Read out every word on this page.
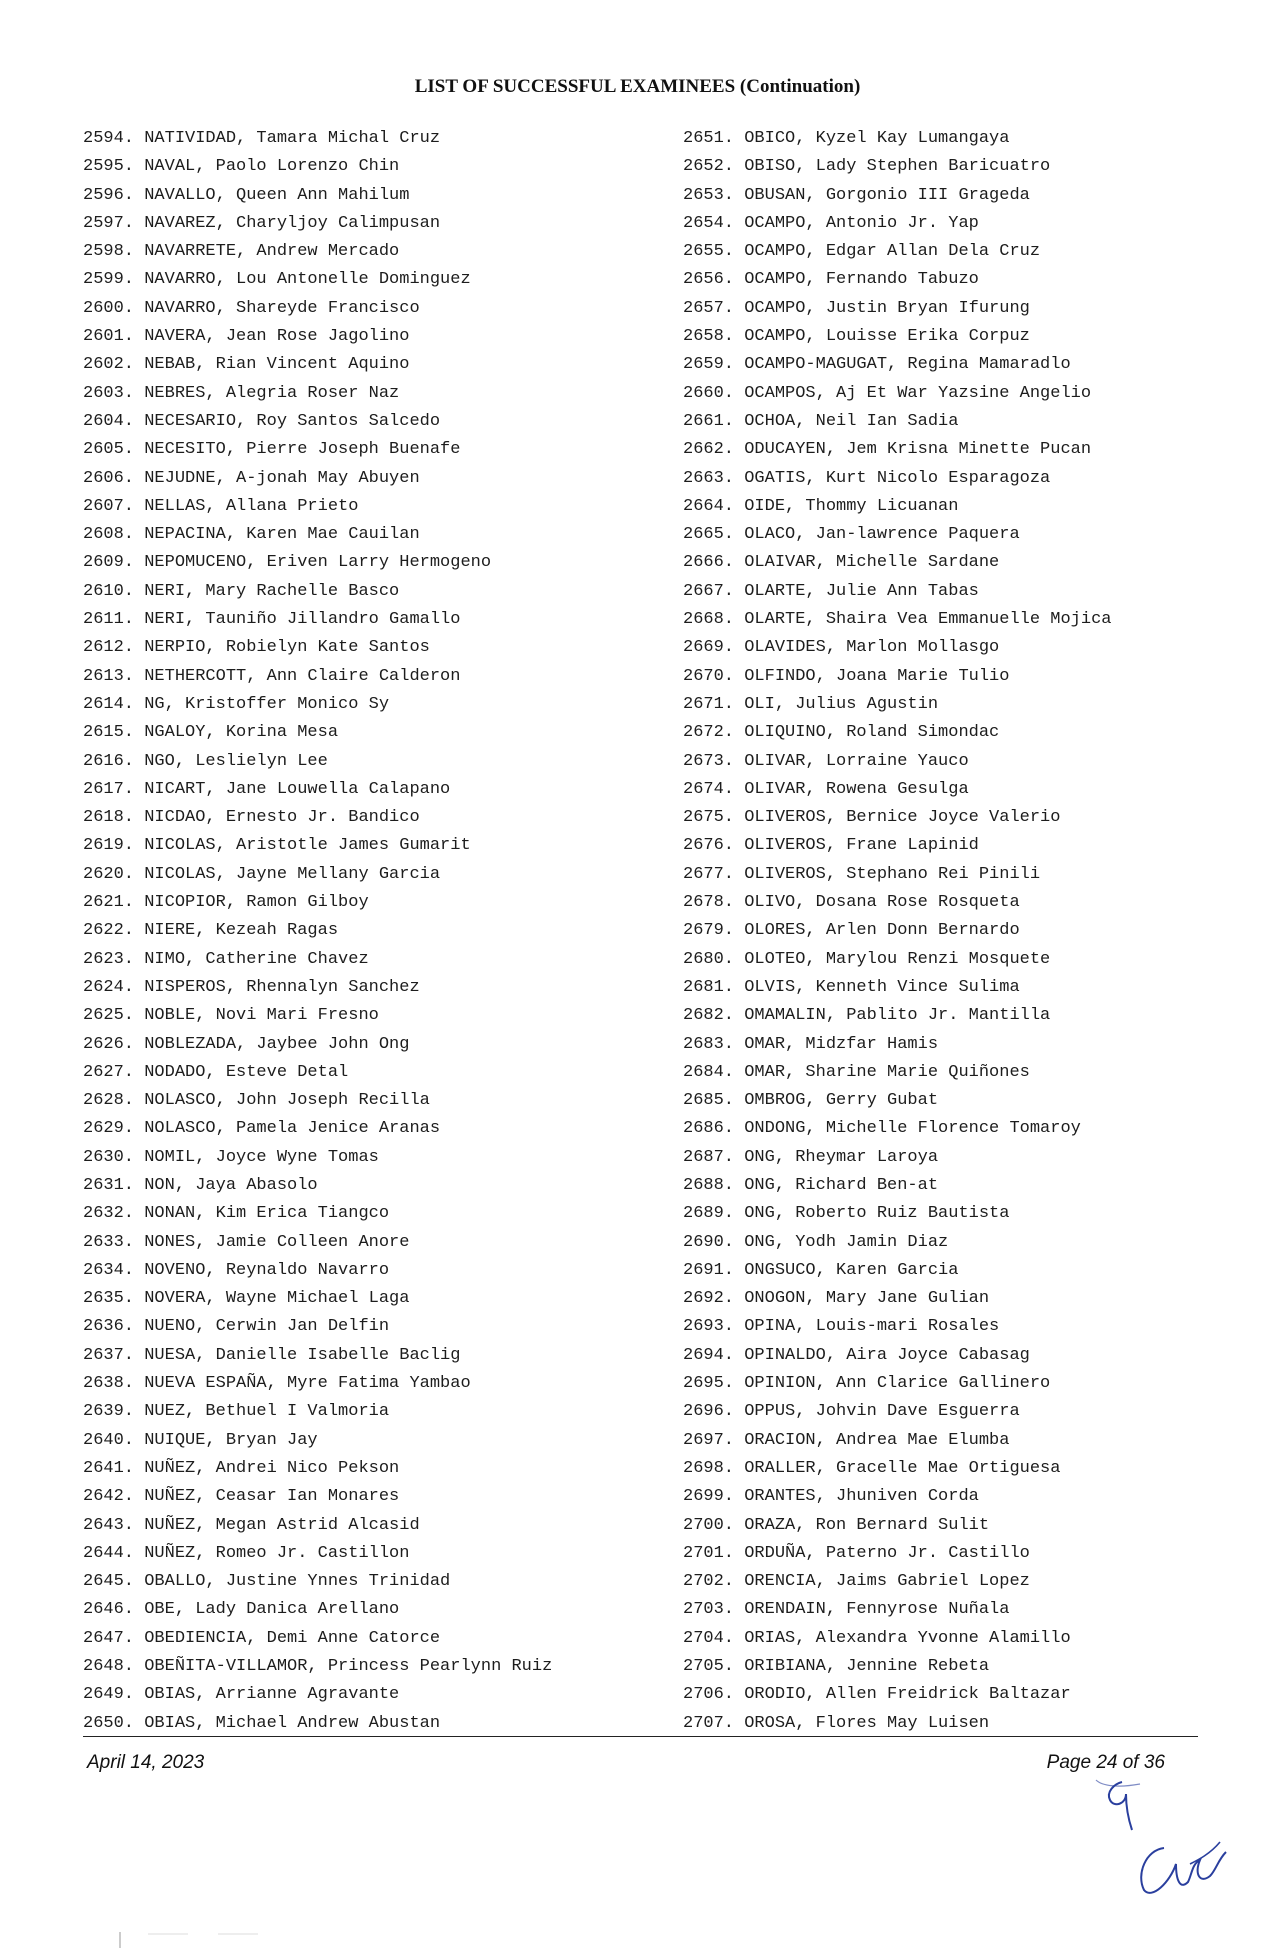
LIST OF SUCCESSFUL EXAMINEES (Continuation)
2594. NATIVIDAD, Tamara Michal Cruz
2595. NAVAL, Paolo Lorenzo Chin
2596. NAVALLO, Queen Ann Mahilum
2597. NAVAREZ, Charyljoy Calimpusan
2598. NAVARRETE, Andrew Mercado
2599. NAVARRO, Lou Antonelle Dominguez
2600. NAVARRO, Shareyde Francisco
2601. NAVERA, Jean Rose Jagolino
2602. NEBAB, Rian Vincent Aquino
2603. NEBRES, Alegria Roser Naz
2604. NECESARIO, Roy Santos Salcedo
2605. NECESITO, Pierre Joseph Buenafe
2606. NEJUDNE, A-jonah May Abuyen
2607. NELLAS, Allana Prieto
2608. NEPACINA, Karen Mae Cauilan
2609. NEPOMUCENO, Eriven Larry Hermogeno
2610. NERI, Mary Rachelle Basco
2611. NERI, Tauniño Jillandro Gamallo
2612. NERPIO, Robielyn Kate Santos
2613. NETHERCOTT, Ann Claire Calderon
2614. NG, Kristoffer Monico Sy
2615. NGALOY, Korina Mesa
2616. NGO, Leslielyn Lee
2617. NICART, Jane Louwella Calapano
2618. NICDAO, Ernesto Jr. Bandico
2619. NICOLAS, Aristotle James Gumarit
2620. NICOLAS, Jayne Mellany Garcia
2621. NICOPIOR, Ramon Gilboy
2622. NIERE, Kezeah Ragas
2623. NIMO, Catherine Chavez
2624. NISPEROS, Rhennalyn Sanchez
2625. NOBLE, Novi Mari Fresno
2626. NOBLEZADA, Jaybee John Ong
2627. NODADO, Esteve Detal
2628. NOLASCO, John Joseph Recilla
2629. NOLASCO, Pamela Jenice Aranas
2630. NOMIL, Joyce Wyne Tomas
2631. NON, Jaya Abasolo
2632. NONAN, Kim Erica Tiangco
2633. NONES, Jamie Colleen Anore
2634. NOVENO, Reynaldo Navarro
2635. NOVERA, Wayne Michael Laga
2636. NUENO, Cerwin Jan Delfin
2637. NUESA, Danielle Isabelle Baclig
2638. NUEVA ESPAÑA, Myre Fatima Yambao
2639. NUEZ, Bethuel I Valmoria
2640. NUIQUE, Bryan Jay
2641. NUÑEZ, Andrei Nico Pekson
2642. NUÑEZ, Ceasar Ian Monares
2643. NUÑEZ, Megan Astrid Alcasid
2644. NUÑEZ, Romeo Jr. Castillon
2645. OBALLO, Justine Ynnes Trinidad
2646. OBE, Lady Danica Arellano
2647. OBEDIENCIA, Demi Anne Catorce
2648. OBEÑITA-VILLAMOR, Princess Pearlynn Ruiz
2649. OBIAS, Arrianne Agravante
2650. OBIAS, Michael Andrew Abustan
2651. OBICO, Kyzel Kay Lumangaya
2652. OBISO, Lady Stephen Baricuatro
2653. OBUSAN, Gorgonio III Grageda
2654. OCAMPO, Antonio Jr. Yap
2655. OCAMPO, Edgar Allan Dela Cruz
2656. OCAMPO, Fernando Tabuzo
2657. OCAMPO, Justin Bryan Ifurung
2658. OCAMPO, Louisse Erika Corpuz
2659. OCAMPO-MAGUGAT, Regina Mamaradlo
2660. OCAMPOS, Aj Et War Yazsine Angelio
2661. OCHOA, Neil Ian Sadia
2662. ODUCAYEN, Jem Krisna Minette Pucan
2663. OGATIS, Kurt Nicolo Esparagoza
2664. OIDE, Thommy Licuanan
2665. OLACO, Jan-lawrence Paquera
2666. OLAIVAR, Michelle Sardane
2667. OLARTE, Julie Ann Tabas
2668. OLARTE, Shaira Vea Emmanuelle Mojica
2669. OLAVIDES, Marlon Mollasgo
2670. OLFINDO, Joana Marie Tulio
2671. OLI, Julius Agustin
2672. OLIQUINO, Roland Simondac
2673. OLIVAR, Lorraine Yauco
2674. OLIVAR, Rowena Gesulga
2675. OLIVEROS, Bernice Joyce Valerio
2676. OLIVEROS, Frane Lapinid
2677. OLIVEROS, Stephano Rei Pinili
2678. OLIVO, Dosana Rose Rosqueta
2679. OLORES, Arlen Donn Bernardo
2680. OLOTEO, Marylou Renzi Mosquete
2681. OLVIS, Kenneth Vince Sulima
2682. OMAMALIN, Pablito Jr. Mantilla
2683. OMAR, Midzfar Hamis
2684. OMAR, Sharine Marie Quiñones
2685. OMBROG, Gerry Gubat
2686. ONDONG, Michelle Florence Tomaroy
2687. ONG, Rheymar Laroya
2688. ONG, Richard Ben-at
2689. ONG, Roberto Ruiz Bautista
2690. ONG, Yodh Jamin Diaz
2691. ONGSUCO, Karen Garcia
2692. ONOGON, Mary Jane Gulian
2693. OPINA, Louis-mari Rosales
2694. OPINALDO, Aira Joyce Cabasag
2695. OPINION, Ann Clarice Gallinero
2696. OPPUS, Johvin Dave Esguerra
2697. ORACION, Andrea Mae Elumba
2698. ORALLER, Gracelle Mae Ortiguesa
2699. ORANTES, Jhuniven Corda
2700. ORAZA, Ron Bernard Sulit
2701. ORDUÑA, Paterno Jr. Castillo
2702. ORENCIA, Jaims Gabriel Lopez
2703. ORENDAIN, Fennyrose Nuñala
2704. ORIAS, Alexandra Yvonne Alamillo
2705. ORIBIANA, Jennine Rebeta
2706. ORODIO, Allen Freidrick Baltazar
2707. OROSA, Flores May Luisen
April 14, 2023	Page 24 of 36
